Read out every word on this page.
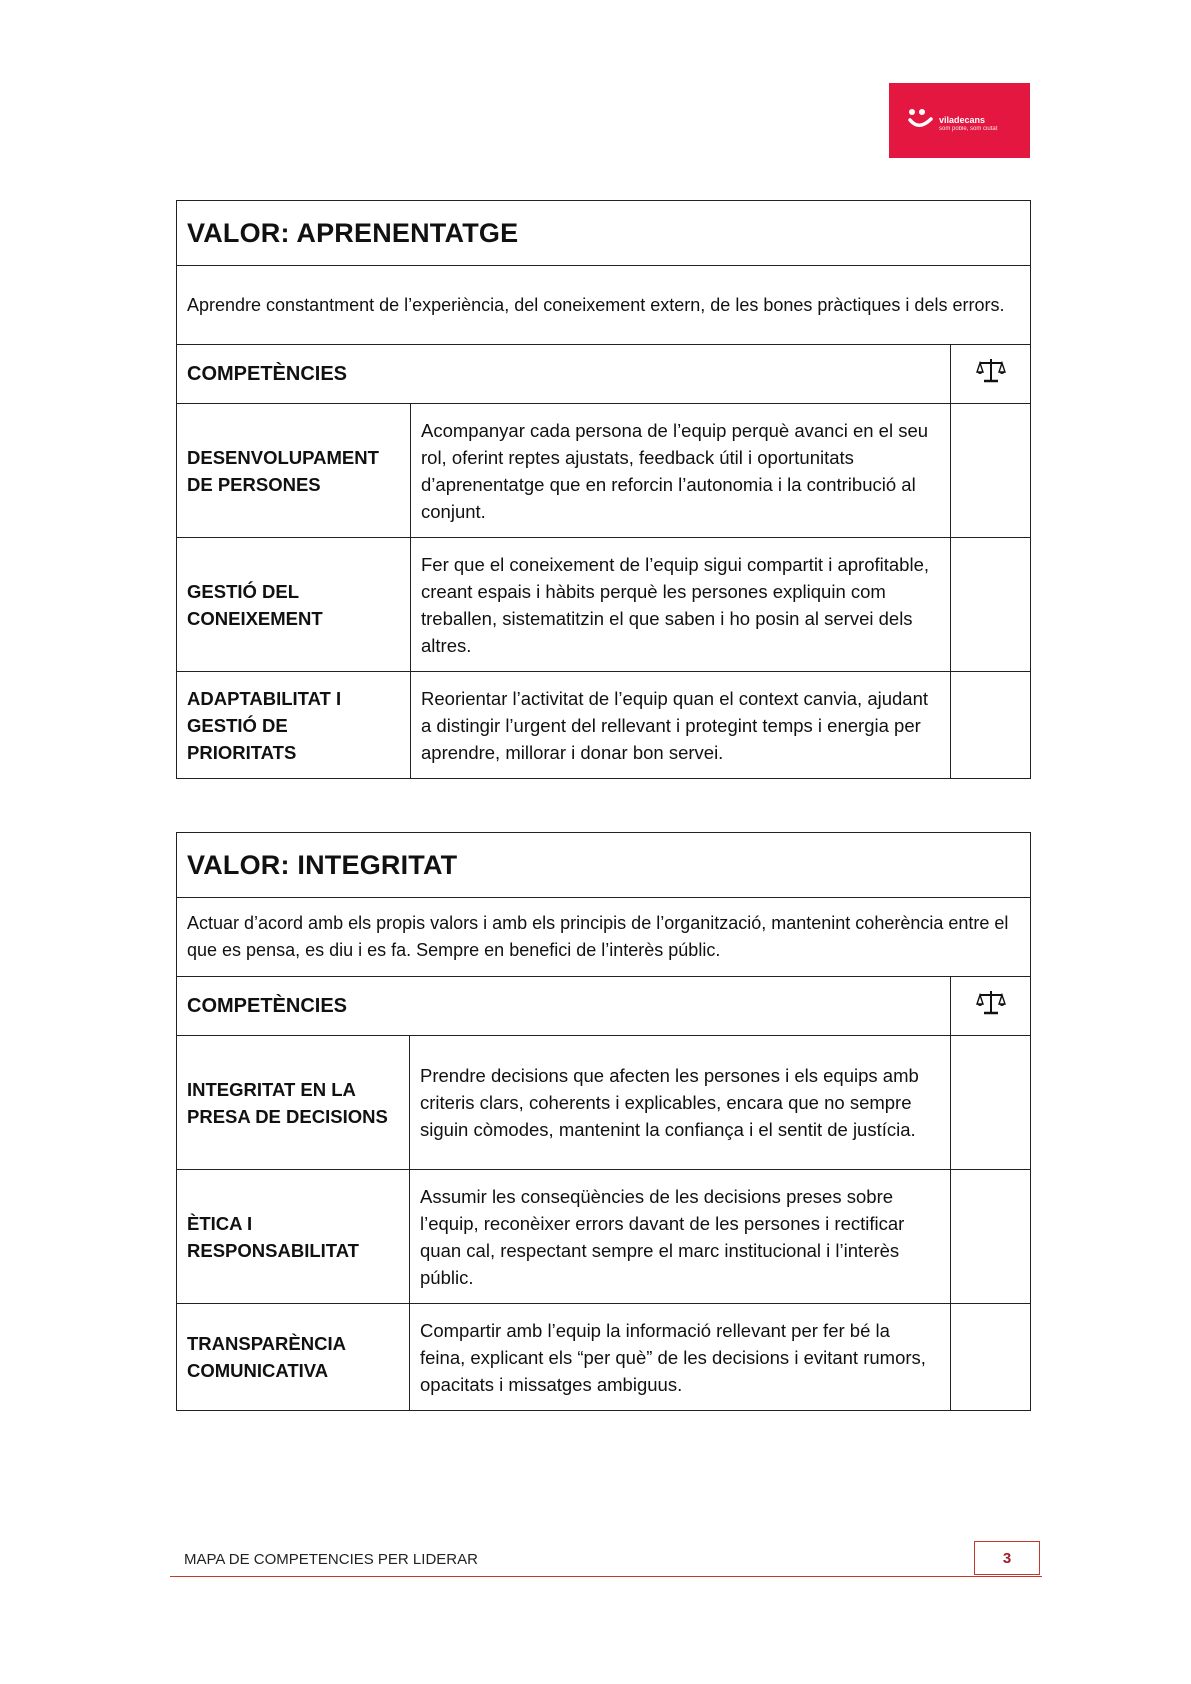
viladecans
som poble, som ciutat
VALOR: APRENENTATGE		
Aprendre constantment de l’experiència, del coneixement extern, de les bones pràctiques i dels errors.		
COMPETÈNCIES	
DESENVOLUPAMENT DE PERSONES	Acompanyar cada persona de l’equip perquè avanci en el seu rol, oferint reptes ajustats, feedback útil i oportunitats d’aprenentatge que en reforcin l’autonomia i la contribució al conjunt.	
GESTIÓ DEL CONEIXEMENT	Fer que el coneixement de l’equip sigui compartit i aprofitable, creant espais i hàbits perquè les persones expliquin com treballen, sistematitzin el que saben i ho posin al servei dels altres.	
ADAPTABILITAT I GESTIÓ DE PRIORITATS	Reorientar l’activitat de l’equip quan el context canvia, ajudant a distingir l’urgent del rellevant i protegint temps i energia per aprendre, millorar i donar bon servei.	
VALOR: INTEGRITAT		
Actuar d’acord amb els propis valors i amb els principis de l’organització, mantenint coherència entre el que es pensa, es diu i es fa. Sempre en benefici de l’interès públic.		
COMPETÈNCIES	
INTEGRITAT EN LA PRESA DE DECISIONS	Prendre decisions que afecten les persones i els equips amb criteris clars, coherents i explicables, encara que no sempre siguin còmodes, mantenint la confiança i el sentit de justícia.	
ÈTICA I RESPONSABILITAT	Assumir les conseqüències de les decisions preses sobre l’equip, reconèixer errors davant de les persones i rectificar quan cal, respectant sempre el marc institucional i l’interès públic.	
TRANSPARÈNCIA COMUNICATIVA	Compartir amb l’equip la informació rellevant per fer bé la feina, explicant els “per què” de les decisions i evitant rumors, opacitats i missatges ambiguus.	
MAPA DE COMPETENCIES PER LIDERAR	3
